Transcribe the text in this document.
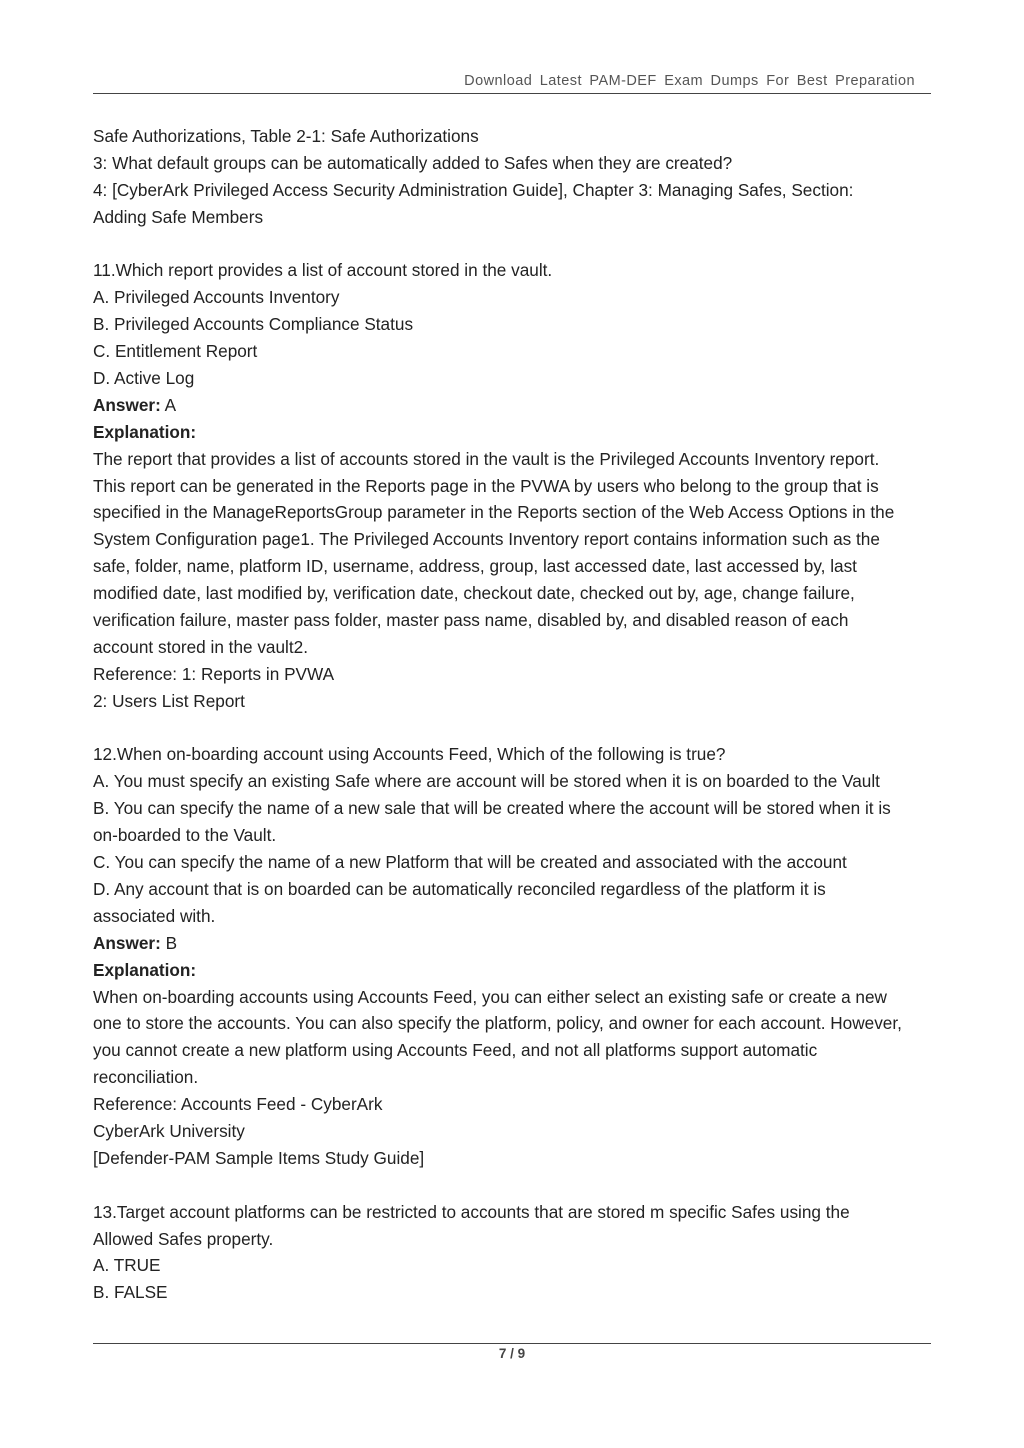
Download Latest PAM-DEF Exam Dumps For Best Preparation
Safe Authorizations, Table 2-1: Safe Authorizations
3: What default groups can be automatically added to Safes when they are created?
4: [CyberArk Privileged Access Security Administration Guide], Chapter 3: Managing Safes, Section:
Adding Safe Members
11.Which report provides a list of account stored in the vault.
A. Privileged Accounts Inventory
B. Privileged Accounts Compliance Status
C. Entitlement Report
D. Active Log
Answer: A
Explanation:
The report that provides a list of accounts stored in the vault is the Privileged Accounts Inventory report.
This report can be generated in the Reports page in the PVWA by users who belong to the group that is
specified in the ManageReportsGroup parameter in the Reports section of the Web Access Options in the
System Configuration page1. The Privileged Accounts Inventory report contains information such as the
safe, folder, name, platform ID, username, address, group, last accessed date, last accessed by, last
modified date, last modified by, verification date, checkout date, checked out by, age, change failure,
verification failure, master pass folder, master pass name, disabled by, and disabled reason of each
account stored in the vault2.
Reference: 1: Reports in PVWA
2: Users List Report
12.When on-boarding account using Accounts Feed, Which of the following is true?
A. You must specify an existing Safe where are account will be stored when it is on boarded to the Vault
B. You can specify the name of a new sale that will be created where the account will be stored when it is
on-boarded to the Vault.
C. You can specify the name of a new Platform that will be created and associated with the account
D. Any account that is on boarded can be automatically reconciled regardless of the platform it is
associated with.
Answer: B
Explanation:
When on-boarding accounts using Accounts Feed, you can either select an existing safe or create a new
one to store the accounts. You can also specify the platform, policy, and owner for each account. However,
you cannot create a new platform using Accounts Feed, and not all platforms support automatic
reconciliation.
Reference: Accounts Feed - CyberArk
CyberArk University
[Defender-PAM Sample Items Study Guide]
13.Target account platforms can be restricted to accounts that are stored m specific Safes using the
Allowed Safes property.
A. TRUE
B. FALSE
7 / 9
